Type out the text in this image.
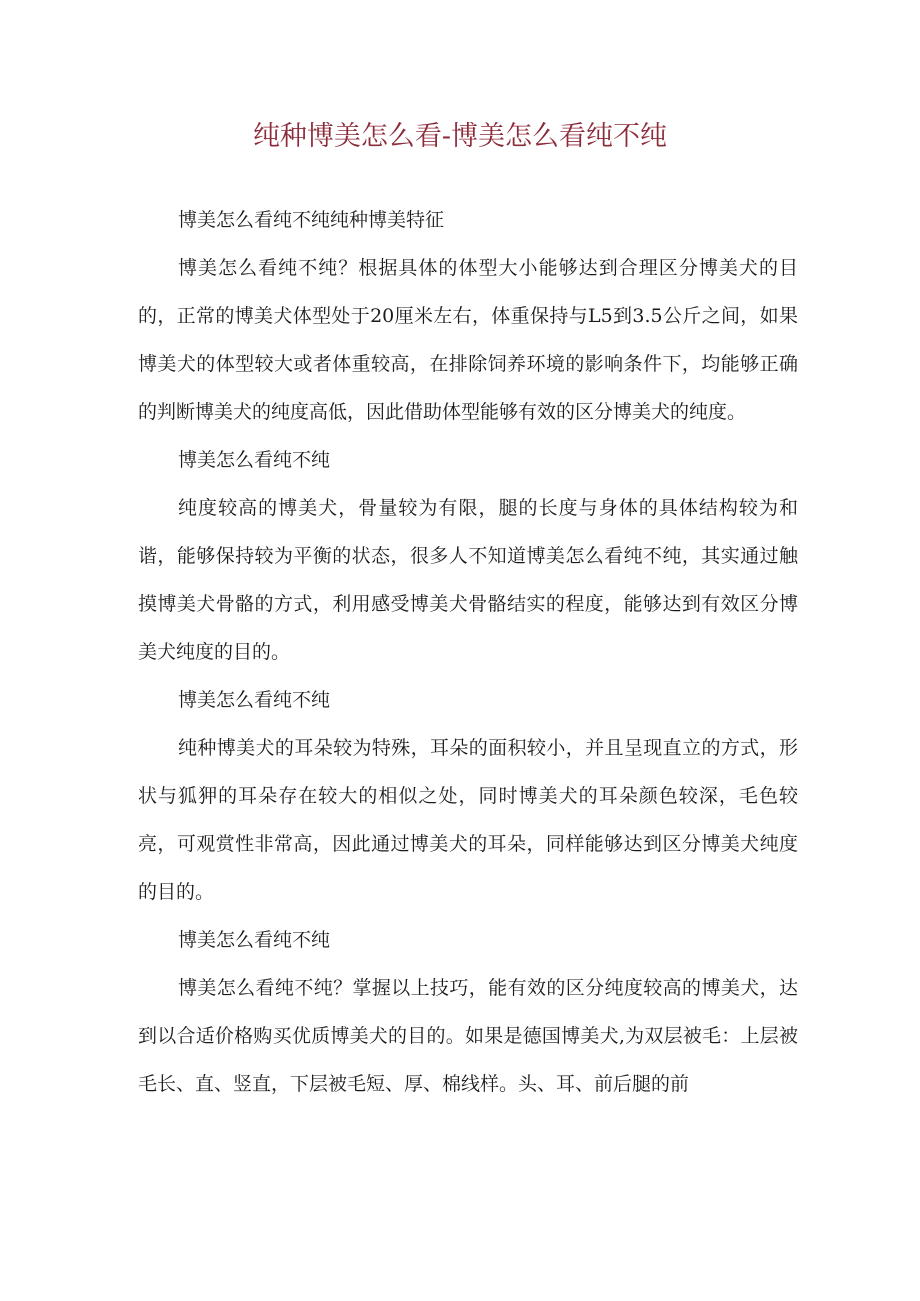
纯种博美怎么看-博美怎么看纯不纯

博美怎么看纯不纯纯种博美特征

博美怎么看纯不纯？根据具体的体型大小能够达到合理区分博美犬的目的，正常的博美犬体型处于20厘米左右，体重保持与L5到3.5公斤之间，如果博美犬的体型较大或者体重较高，在排除饲养环境的影响条件下，均能够正确的判断博美犬的纯度高低，因此借助体型能够有效的区分博美犬的纯度。

博美怎么看纯不纯

纯度较高的博美犬，骨量较为有限，腿的长度与身体的具体结构较为和谐，能够保持较为平衡的状态，很多人不知道博美怎么看纯不纯，其实通过触摸博美犬骨骼的方式，利用感受博美犬骨骼结实的程度，能够达到有效区分博美犬纯度的目的。

博美怎么看纯不纯

纯种博美犬的耳朵较为特殊，耳朵的面积较小，并且呈现直立的方式，形状与狐狎的耳朵存在较大的相似之处，同时博美犬的耳朵颜色较深，毛色较亮，可观赏性非常高，因此通过博美犬的耳朵，同样能够达到区分博美犬纯度的目的。

博美怎么看纯不纯

博美怎么看纯不纯？掌握以上技巧，能有效的区分纯度较高的博美犬，达到以合适价格购买优质博美犬的目的。如果是德国博美犬,为双层被毛：上层被毛长、直、竖直，下层被毛短、厚、棉线样。头、耳、前后腿的前
